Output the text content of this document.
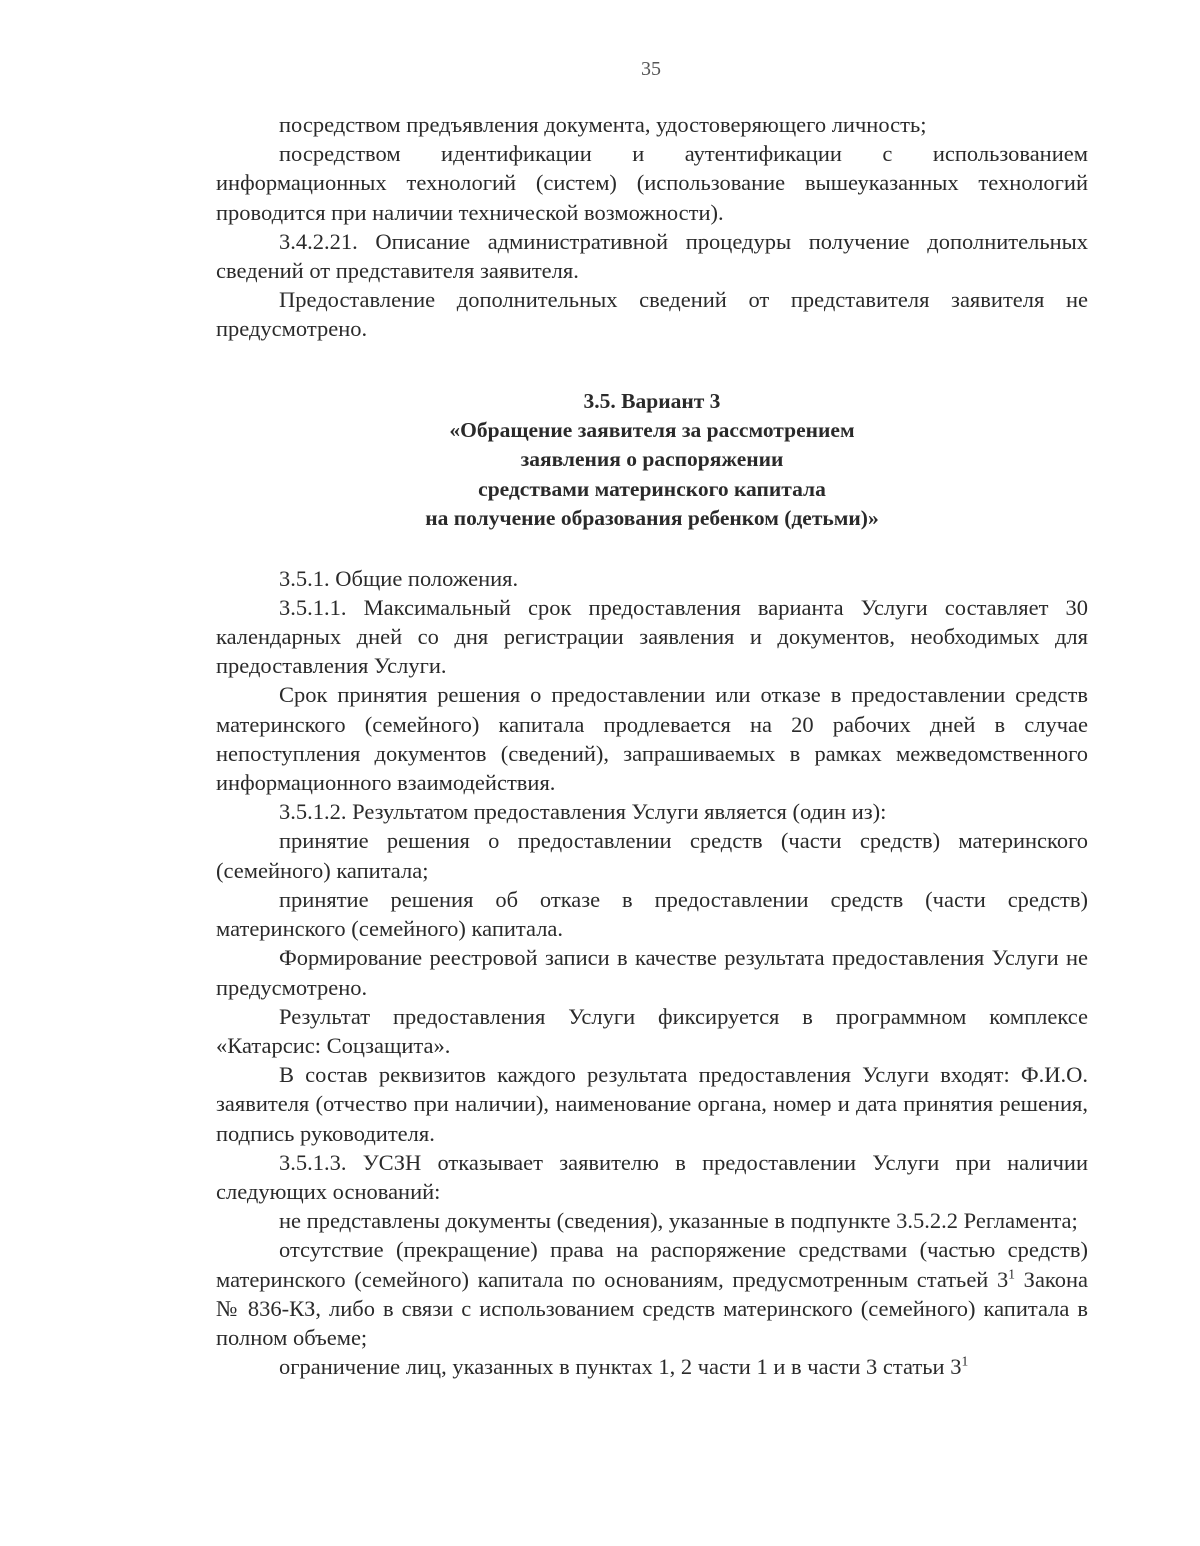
35

посредством предъявления документа, удостоверяющего личность;

посредством идентификации и аутентификации с использованием информационных технологий (систем) (использование вышеуказанных технологий проводится при наличии технической возможности).

3.4.2.21. Описание административной процедуры получение дополнительных сведений от представителя заявителя.

Предоставление дополнительных сведений от представителя заявителя не предусмотрено.

3.5. Вариант 3
«Обращение заявителя за рассмотрением
заявления о распоряжении
средствами материнского капитала
на получение образования ребенком (детьми)»

3.5.1. Общие положения.

3.5.1.1. Максимальный срок предоставления варианта Услуги составляет 30 календарных дней со дня регистрации заявления и документов, необходимых для предоставления Услуги.

Срок принятия решения о предоставлении или отказе в предоставлении средств материнского (семейного) капитала продлевается на 20 рабочих дней в случае непоступления документов (сведений), запрашиваемых в рамках межведомственного информационного взаимодействия.

3.5.1.2. Результатом предоставления Услуги является (один из):

принятие решения о предоставлении средств (части средств) материнского (семейного) капитала;

принятие решения об отказе в предоставлении средств (части средств) материнского (семейного) капитала.

Формирование реестровой записи в качестве результата предоставления Услуги не предусмотрено.

Результат предоставления Услуги фиксируется в программном комплексе «Катарсис: Соцзащита».

В состав реквизитов каждого результата предоставления Услуги входят: Ф.И.О. заявителя (отчество при наличии), наименование органа, номер и дата принятия решения, подпись руководителя.

3.5.1.3. УСЗН отказывает заявителю в предоставлении Услуги при наличии следующих оснований:

не представлены документы (сведения), указанные в подпункте 3.5.2.2 Регламента;

отсутствие (прекращение) права на распоряжение средствами (частью средств) материнского (семейного) капитала по основаниям, предусмотренным статьей $3^1$ Закона № 836-КЗ, либо в связи с использованием средств материнского (семейного) капитала в полном объеме;

ограничение лиц, указанных в пунктах 1, 2 части 1 и в части 3 статьи $3^1$
